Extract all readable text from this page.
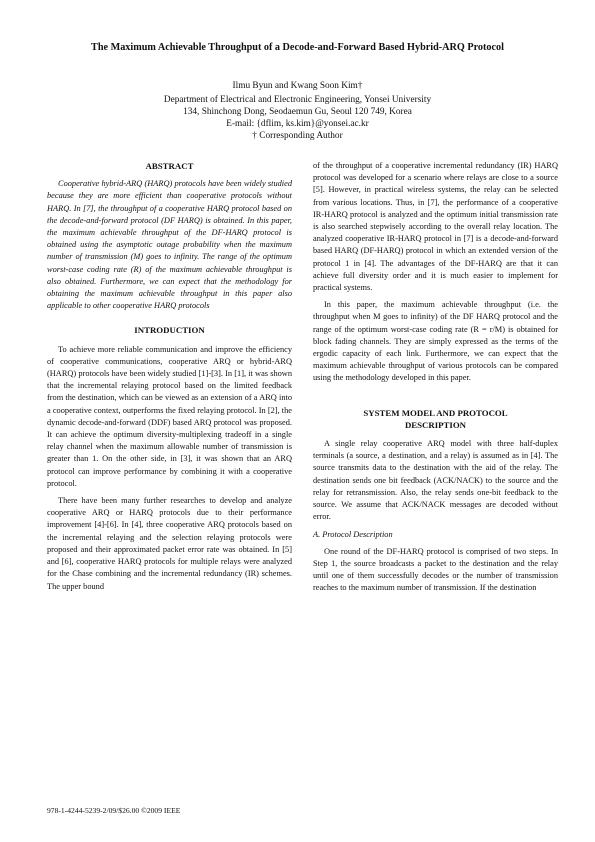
The Maximum Achievable Throughput of a Decode-and-Forward Based Hybrid-ARQ Protocol
Ilmu Byun and Kwang Soon Kim†
Department of Electrical and Electronic Engineering, Yonsei University
134, Shinchong Dong, Seodaemun Gu, Seoul 120 749, Korea
E-mail: {dflim, ks.kim}@yonsei.ac.kr
† Corresponding Author

ABSTRACT

Cooperative hybrid-ARQ (HARQ) protocols have been widely studied because they are more efficient than cooperative protocols without HARQ. In [7], the throughput of a cooperative HARQ protocol based on the decode-and-forward protocol (DF HARQ) is obtained. In this paper, the maximum achievable throughput of the DF-HARQ protocol is obtained using the asymptotic outage probability when the maximum number of transmission (M) goes to infinity. The range of the optimum worst-case coding rate (R) of the maximum achievable throughput is also obtained. Furthermore, we can expect that the methodology for obtaining the maximum achievable throughput in this paper also applicable to other cooperative HARQ protocols

INTRODUCTION

To achieve more reliable communication and improve the efficiency of cooperative communications, cooperative ARQ or hybrid-ARQ (HARQ) protocols have been widely studied [1]-[3]. In [1], it was shown that the incremental relaying protocol based on the limited feedback from the destination, which can be viewed as an extension of a ARQ into a cooperative context, outperforms the fixed relaying protocol. In [2], the dynamic decode-and-forward (DDF) based ARQ protocol was proposed. It can achieve the optimum diversity-multiplexing tradeoff in a single relay channel when the maximum allowable number of transmission is greater than 1. On the other side, in [3], it was shown that an ARQ protocol can improve performance by combining it with a cooperative protocol.

There have been many further researches to develop and analyze cooperative ARQ or HARQ protocols due to their performance improvement [4]-[6]. In [4], three cooperative ARQ protocols based on the incremental relaying and the selection relaying protocols were proposed and their approximated packet error rate was obtained. In [5] and [6], cooperative HARQ protocols for multiple relays were analyzed for the Chase combining and the incremental redundancy (IR) schemes. The upper bound

of the throughput of a cooperative incremental redundancy (IR) HARQ protocol was developed for a scenario where relays are close to a source [5]. However, in practical wireless systems, the relay can be selected from various locations. Thus, in [7], the performance of a cooperative IR-HARQ protocol is analyzed and the optimum initial transmission rate is also searched stepwisely according to the overall relay location. The analyzed cooperative IR-HARQ protocol in [7] is a decode-and-forward based HARQ (DF-HARQ) protocol in which an extended version of the protocol 1 in [4]. The advantages of the DF-HARQ are that it can achieve full diversity order and it is much easier to implement for practical systems.

In this paper, the maximum achievable throughput (i.e. the throughput when M goes to infinity) of the DF HARQ protocol and the range of the optimum worst-case coding rate (R = r/M) is obtained for block fading channels. They are simply expressed as the terms of the ergodic capacity of each link. Furthermore, we can expect that the maximum achievable throughput of various protocols can be compared using the methodology developed in this paper.

SYSTEM MODEL AND PROTOCOL

DESCRIPTION

A single relay cooperative ARQ model with three half-duplex terminals (a source, a destination, and a relay) is assumed as in [4]. The source transmits data to the destination with the aid of the relay. The destination sends one bit feedback (ACK/NACK) to the source and the relay for retransmission. Also, the relay sends one-bit feedback to the source. We assume that ACK/NACK messages are decoded without error.

A. Protocol Description

One round of the DF-HARQ protocol is comprised of two steps. In Step 1, the source broadcasts a packet to the destination and the relay until one of them successfully decodes or the number of transmission reaches to the maximum number of transmission. If the destination

978-1-4244-5239-2/09/$26.00 ©2009 IEEE
